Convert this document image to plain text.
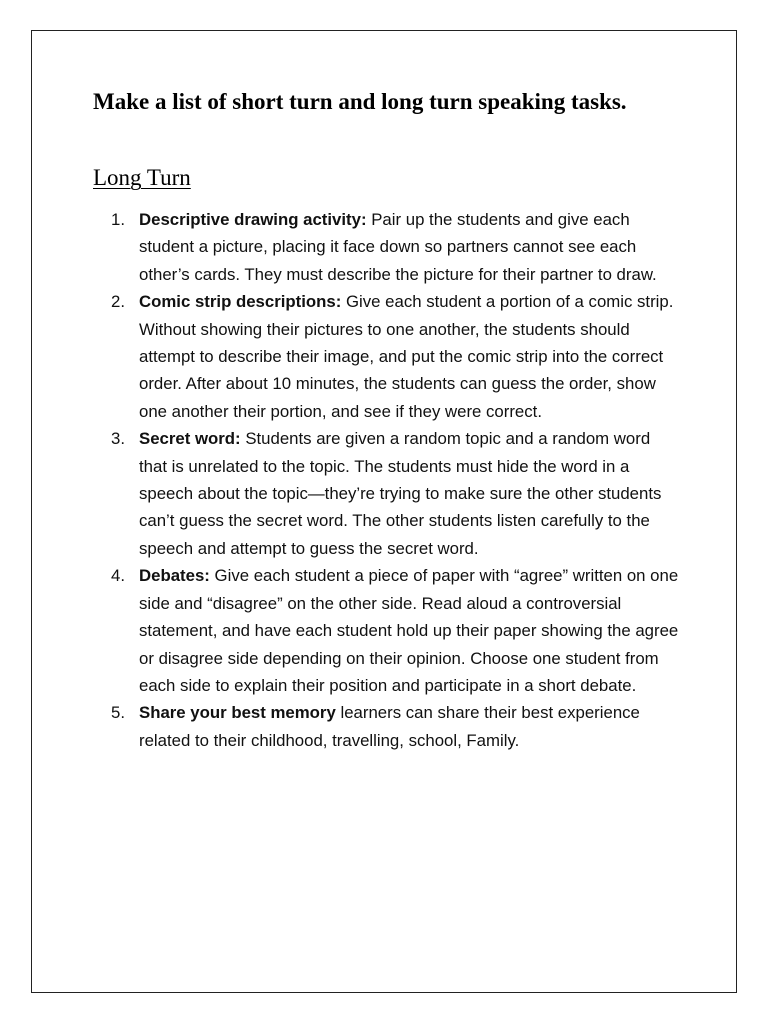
Make a list of short turn and long turn speaking tasks.
Long Turn
1. Descriptive drawing activity: Pair up the students and give each student a picture, placing it face down so partners cannot see each other’s cards. They must describe the picture for their partner to draw.
2. Comic strip descriptions: Give each student a portion of a comic strip. Without showing their pictures to one another, the students should attempt to describe their image, and put the comic strip into the correct order. After about 10 minutes, the students can guess the order, show one another their portion, and see if they were correct.
3. Secret word: Students are given a random topic and a random word that is unrelated to the topic. The students must hide the word in a speech about the topic—they’re trying to make sure the other students can’t guess the secret word. The other students listen carefully to the speech and attempt to guess the secret word.
4. Debates: Give each student a piece of paper with “agree” written on one side and “disagree” on the other side. Read aloud a controversial statement, and have each student hold up their paper showing the agree or disagree side depending on their opinion. Choose one student from each side to explain their position and participate in a short debate.
5. Share your best memory learners can share their best experience related to their childhood, travelling, school, Family.
